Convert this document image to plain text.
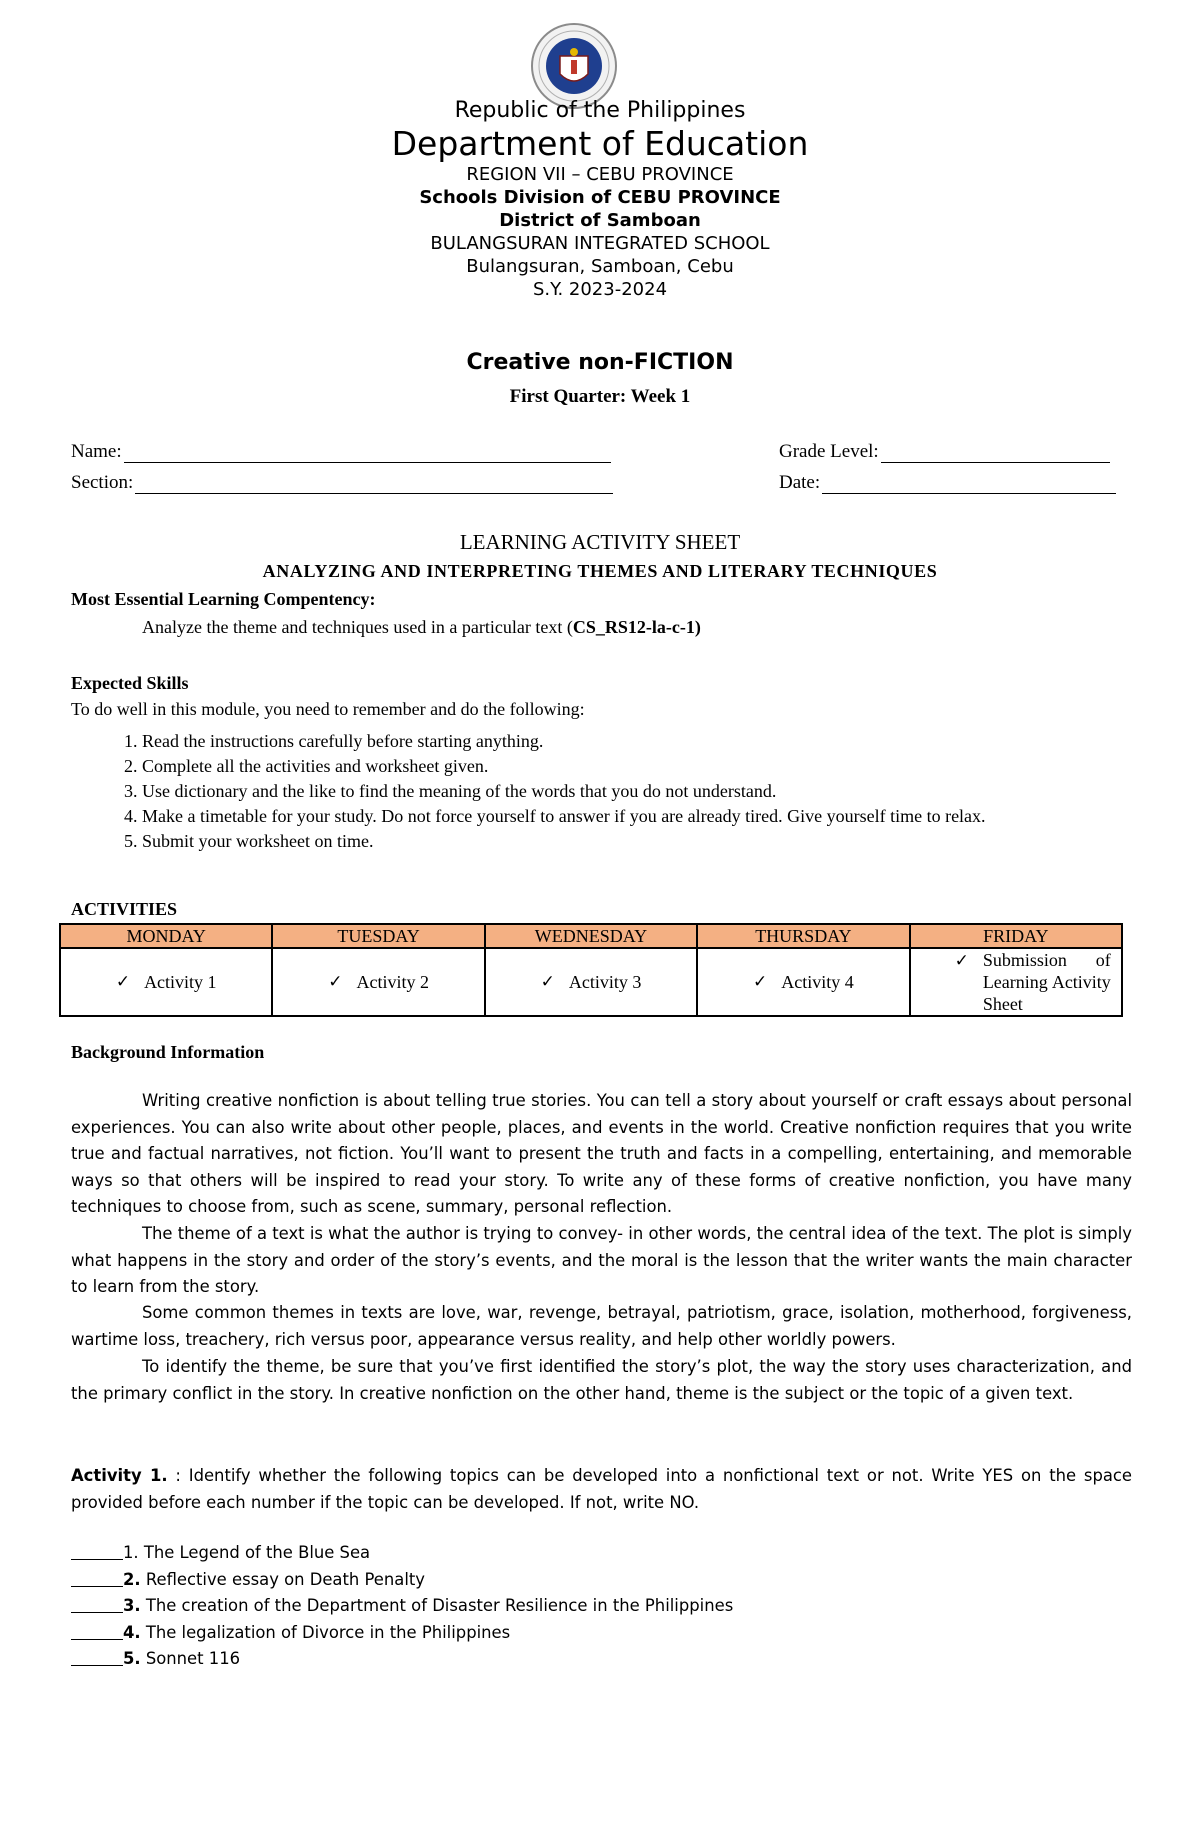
Republic of the Philippines
Department of Education
REGION VII – CEBU PROVINCE
Schools Division of CEBU PROVINCE
District of Samboan
BULANGSURAN INTEGRATED SCHOOL
Bulangsuran, Samboan, Cebu
S.Y. 2023-2024
Creative non-FICTION
First Quarter: Week 1
Name:	Grade Level:
Section:	Date:
LEARNING ACTIVITY SHEET
ANALYZING AND INTERPRETING THEMES AND LITERARY TECHNIQUES
Most Essential Learning Compentency:
Analyze the theme and techniques used in a particular text (CS_RS12-la-c-1)
Expected Skills
To do well in this module, you need to remember and do the following:
1. Read the instructions carefully before starting anything.
2. Complete all the activities and worksheet given.
3. Use dictionary and the like to find the meaning of the words that you do not understand.
4. Make a timetable for your study. Do not force yourself to answer if you are already tired. Give yourself time to relax.
5. Submit your worksheet on time.
ACTIVITIES
MONDAY	TUESDAY	WEDNESDAY	THURSDAY	FRIDAY

✓ Activity 1	✓ Activity 2	✓ Activity 3	✓ Activity 4	✓ Submission of Learning Activity Sheet
Background Information
Writing creative nonfiction is about telling true stories. You can tell a story about yourself or craft essays about personal experiences. You can also write about other people, places, and events in the world. Creative nonfiction requires that you write true and factual narratives, not fiction. You’ll want to present the truth and facts in a compelling, entertaining, and memorable ways so that others will be inspired to read your story. To write any of these forms of creative nonfiction, you have many techniques to choose from, such as scene, summary, personal reflection.
The theme of a text is what the author is trying to convey- in other words, the central idea of the text. The plot is simply what happens in the story and order of the story’s events, and the moral is the lesson that the writer wants the main character to learn from the story.
Some common themes in texts are love, war, revenge, betrayal, patriotism, grace, isolation, motherhood, forgiveness, wartime loss, treachery, rich versus poor, appearance versus reality, and help other worldly powers.
To identify the theme, be sure that you’ve first identified the story’s plot, the way the story uses characterization, and the primary conflict in the story. In creative nonfiction on the other hand, theme is the subject or the topic of a given text.
Activity 1. : Identify whether the following topics can be developed into a nonfictional text or not. Write YES on the space provided before each number if the topic can be developed. If not, write NO.
1. The Legend of the Blue Sea
2. Reflective essay on Death Penalty
3. The creation of the Department of Disaster Resilience in the Philippines
4. The legalization of Divorce in the Philippines
5. Sonnet 116
